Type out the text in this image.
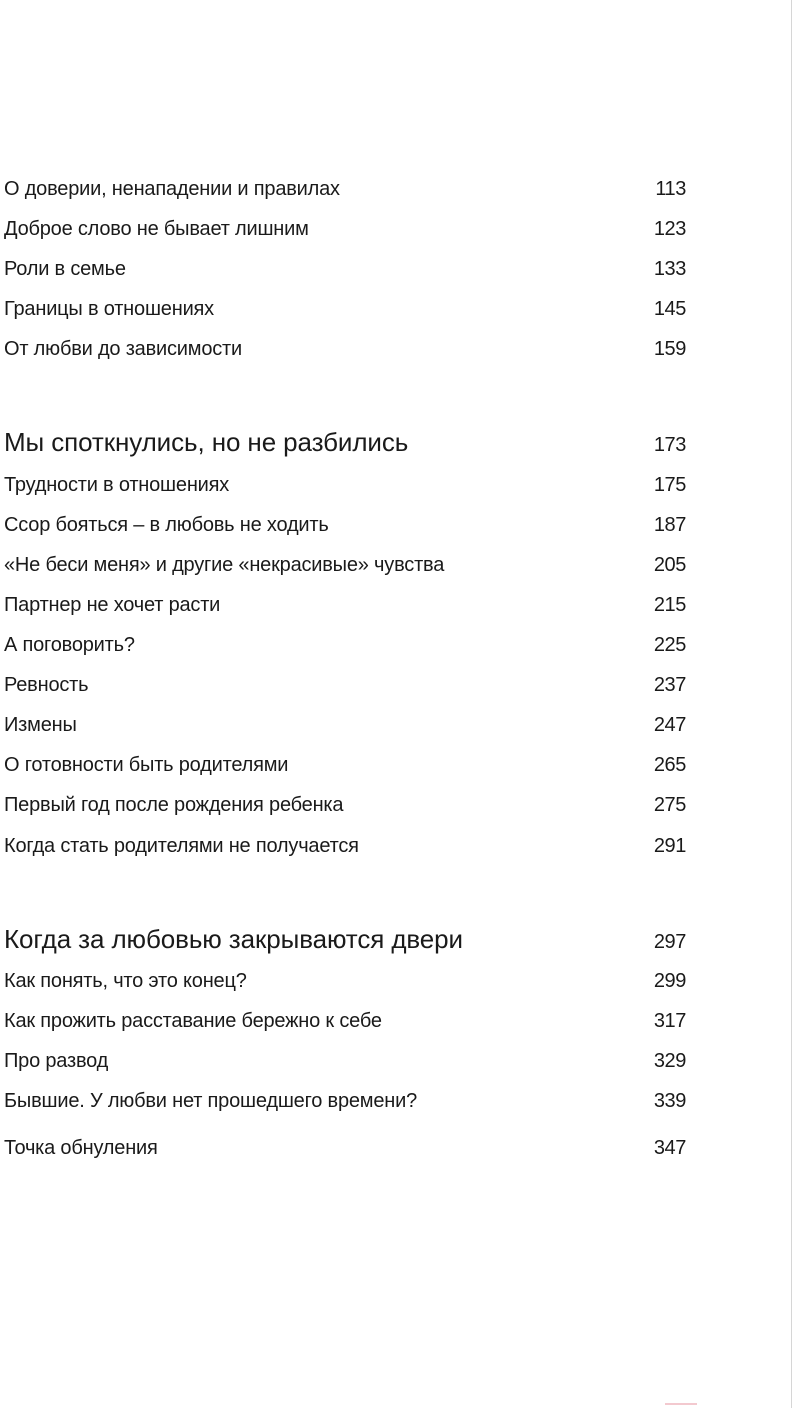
О доверии, ненападении и правилах	113
Доброе слово не бывает лишним	123
Роли в семье	133
Границы в отношениях	145
От любви до зависимости	159
Мы споткнулись, но не разбились	173
Трудности в отношениях	175
Ссор бояться – в любовь не ходить	187
«Не беси меня» и другие «некрасивые» чувства	205
Партнер не хочет расти	215
А поговорить?	225
Ревность	237
Измены	247
О готовности быть родителями	265
Первый год после рождения ребенка	275
Когда стать родителями не получается	291
Когда за любовью закрываются двери	297
Как понять, что это конец?	299
Как прожить расставание бережно к себе	317
Про развод	329
Бывшие. У любви нет прошедшего времени?	339
Точка обнуления	347
